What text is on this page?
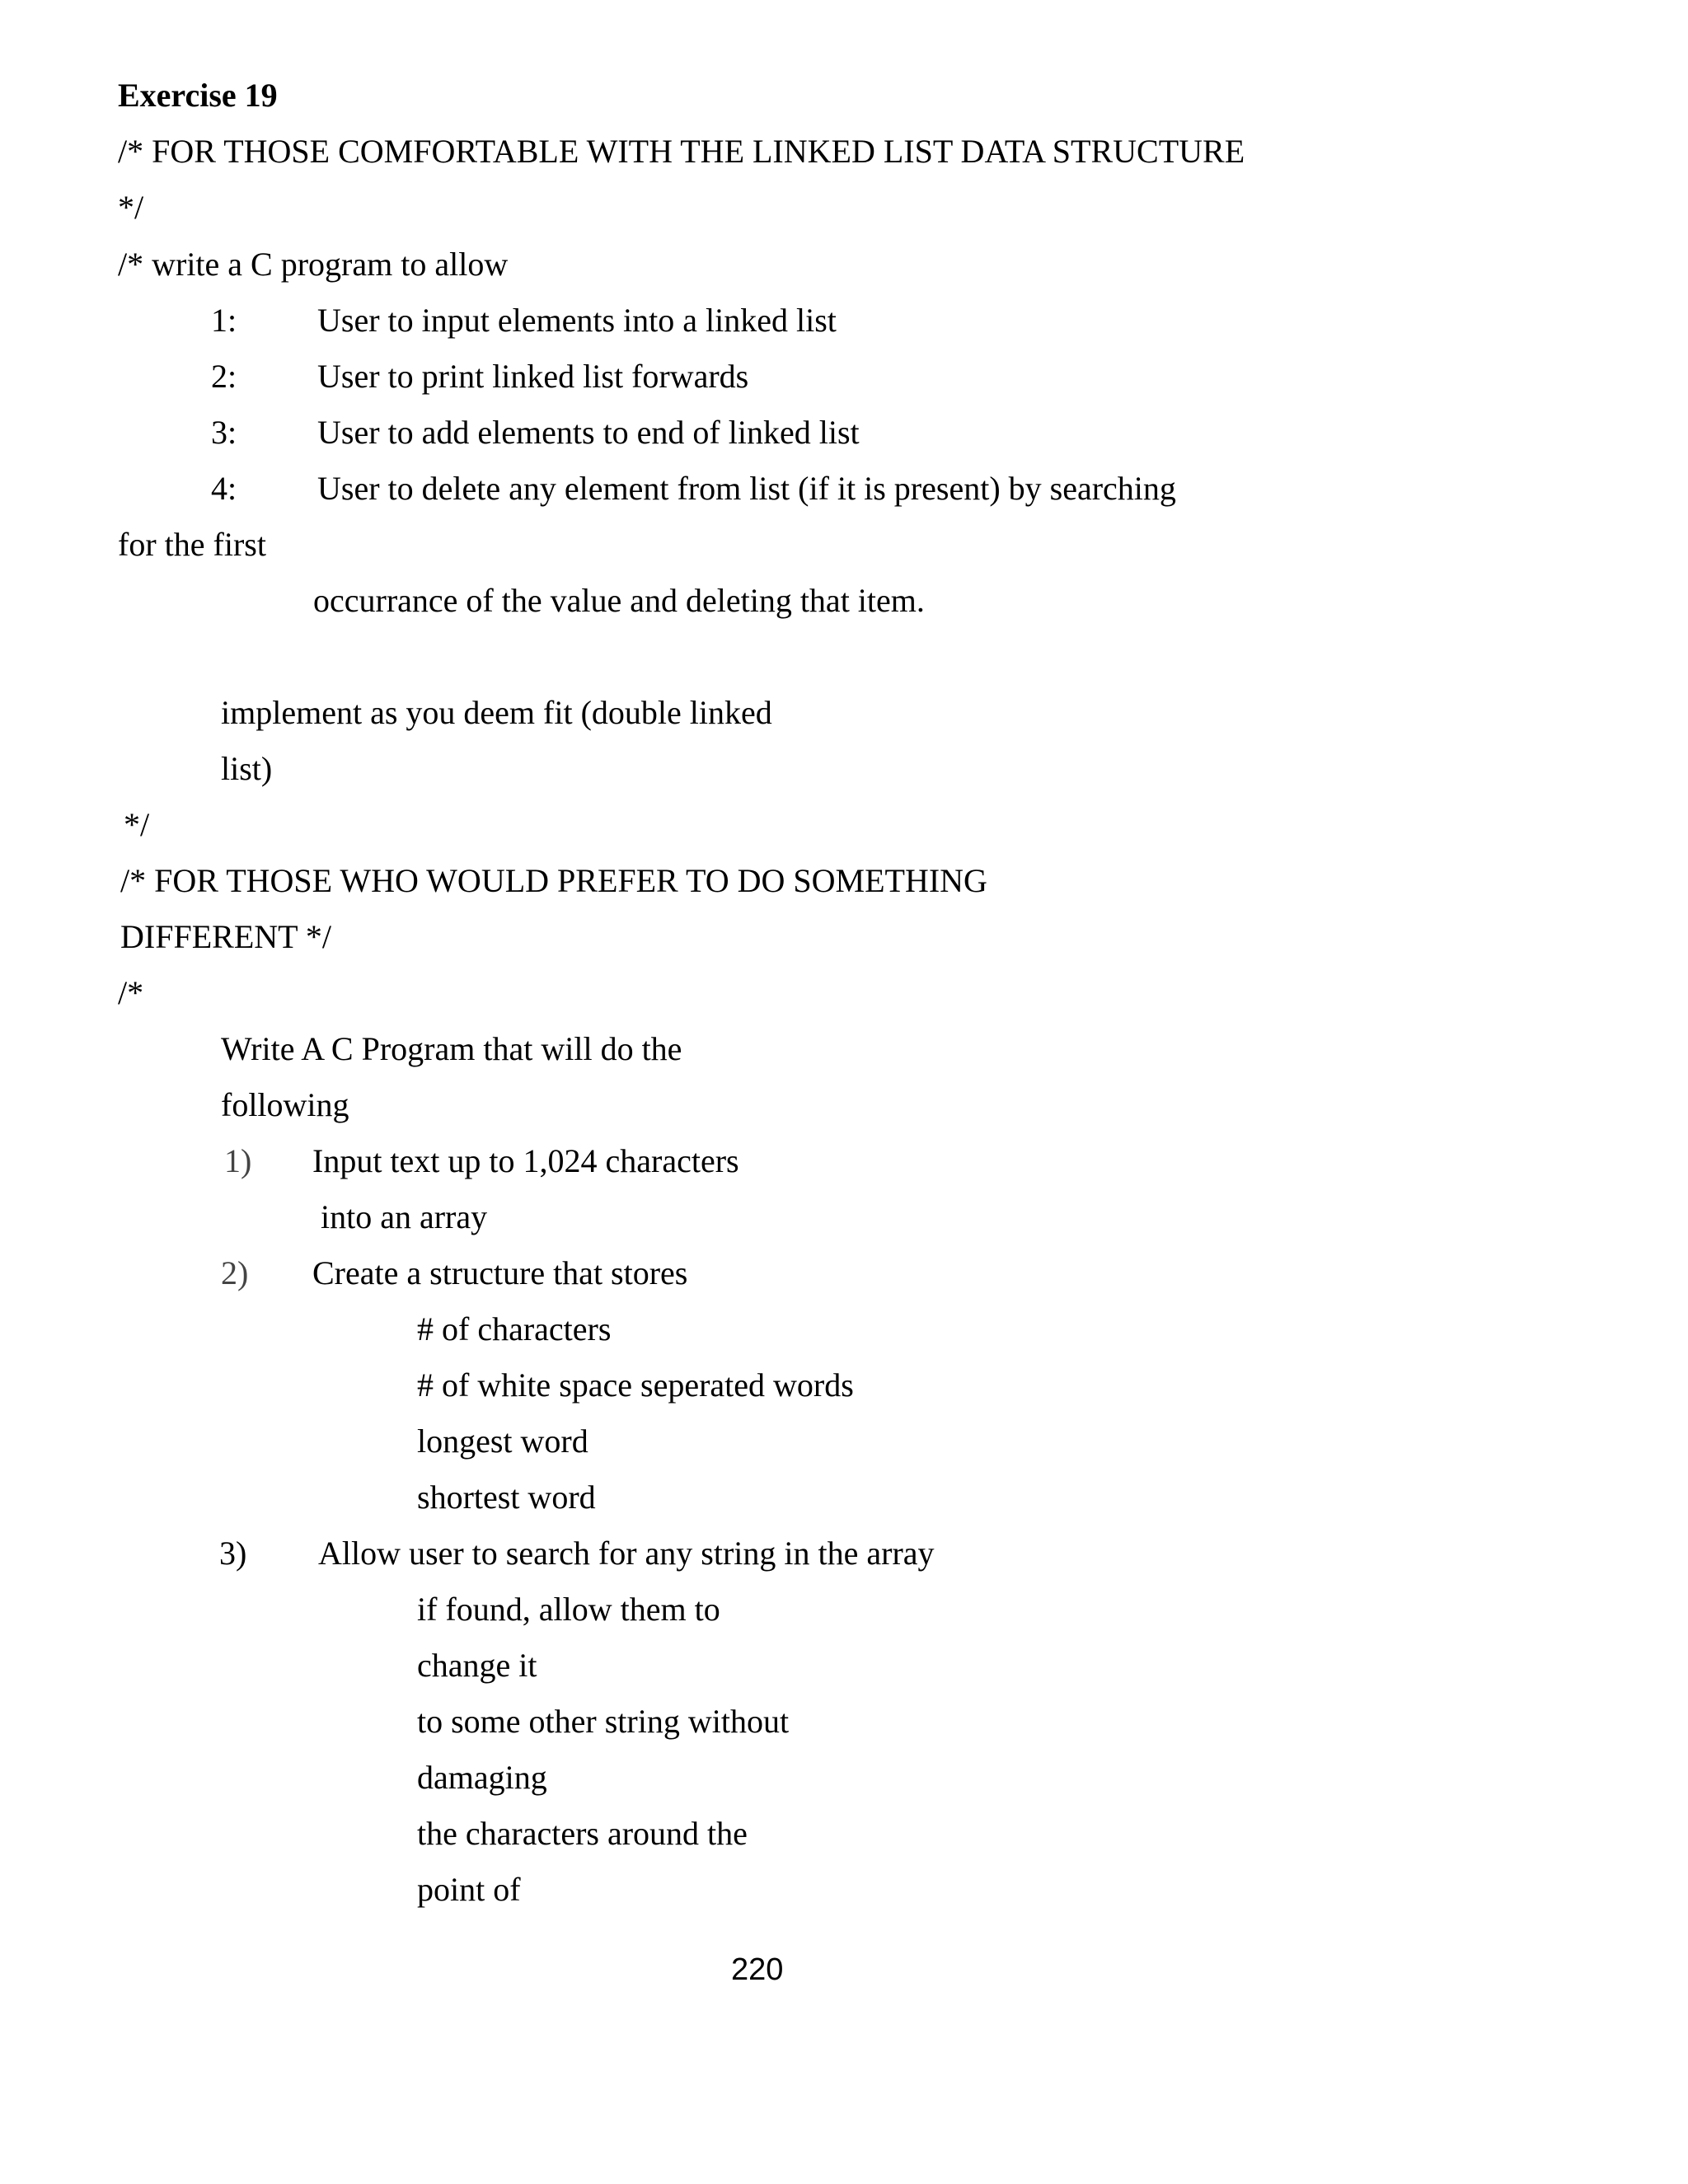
Exercise 19
/* FOR THOSE COMFORTABLE WITH THE LINKED LIST DATA STRUCTURE
*/
/* write a C program to allow
1: User to input elements into a linked list
2: User to print linked list forwards
3: User to add elements to end of linked list
4: User to delete any element from list (if it is present) by searching
for the first
occurrance of the value and deleting that item.
implement as you deem fit (double linked
list)
*/
/* FOR THOSE WHO WOULD PREFER TO DO SOMETHING
DIFFERENT */
/*
Write A C Program that will do the
following
1) Input text up to 1,024 characters
into an array
2) Create a structure that stores
# of characters
# of white space seperated words
longest word
shortest word
3) Allow user to search for any string in the array
if found, allow them to
change it
to some other string without
damaging
the characters around the
point of
220
